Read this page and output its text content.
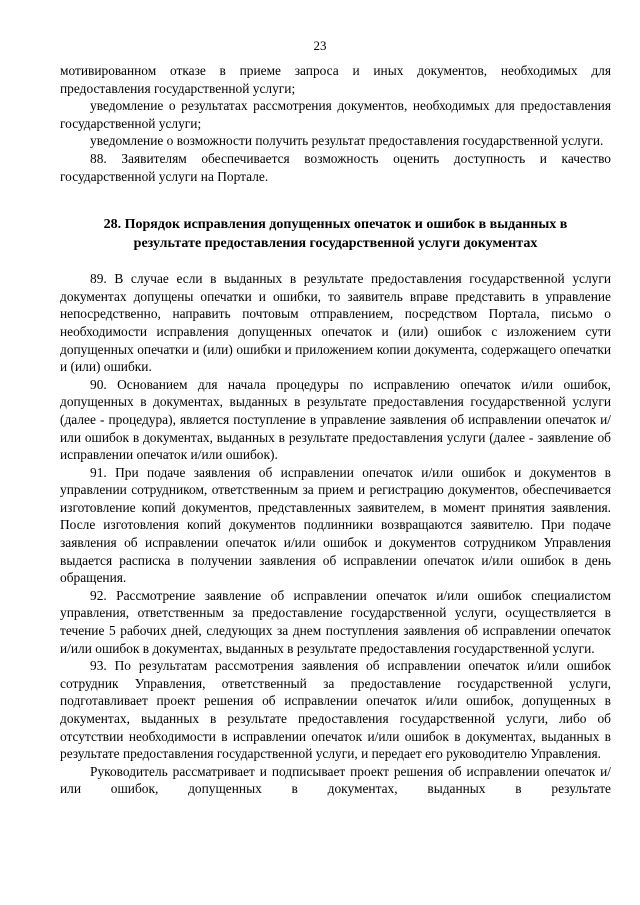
23

мотивированном отказе в приеме запроса и иных документов, необходимых для предоставления государственной услуги;

уведомление о результатах рассмотрения документов, необходимых для предоставления государственной услуги;

уведомление о возможности получить результат предоставления государственной услуги.

88. Заявителям обеспечивается возможность оценить доступность и качество государственной услуги на Портале.

28. Порядок исправления допущенных опечаток и ошибок в выданных в
результате предоставления государственной услуги документах

89. В случае если в выданных в результате предоставления государственной услуги документах допущены опечатки и ошибки, то заявитель вправе представить в управление непосредственно, направить почтовым отправлением, посредством Портала, письмо о необходимости исправления допущенных опечаток и (или) ошибок с изложением сути допущенных опечатки и (или) ошибки и приложением копии документа, содержащего опечатки и (или) ошибки.

90. Основанием для начала процедуры по исправлению опечаток и/или ошибок, допущенных в документах, выданных в результате предоставления государственной услуги (далее - процедура), является поступление в управление заявления об исправлении опечаток и/или ошибок в документах, выданных в результате предоставления услуги (далее - заявление об исправлении опечаток и/или ошибок).

91. При подаче заявления об исправлении опечаток и/или ошибок и документов в управлении сотрудником, ответственным за прием и регистрацию документов, обеспечивается изготовление копий документов, представленных заявителем, в момент принятия заявления. После изготовления копий документов подлинники возвращаются заявителю. При подаче заявления об исправлении опечаток и/или ошибок и документов сотрудником Управления выдается расписка в получении заявления об исправлении опечаток и/или ошибок в день обращения.

92. Рассмотрение заявление об исправлении опечаток и/или ошибок специалистом управления, ответственным за предоставление государственной услуги, осуществляется в течение 5 рабочих дней, следующих за днем поступления заявления об исправлении опечаток и/или ошибок в документах, выданных в результате предоставления государственной услуги.

93. По результатам рассмотрения заявления об исправлении опечаток и/или ошибок сотрудник Управления, ответственный за предоставление государственной услуги, подготавливает проект решения об исправлении опечаток и/или ошибок, допущенных в документах, выданных в результате предоставления государственной услуги, либо об отсутствии необходимости в исправлении опечаток и/или ошибок в документах, выданных в результате предоставления государственной услуги, и передает его руководителю Управления.

Руководитель рассматривает и подписывает проект решения об исправлении опечаток и/или ошибок, допущенных в документах, выданных в результате
